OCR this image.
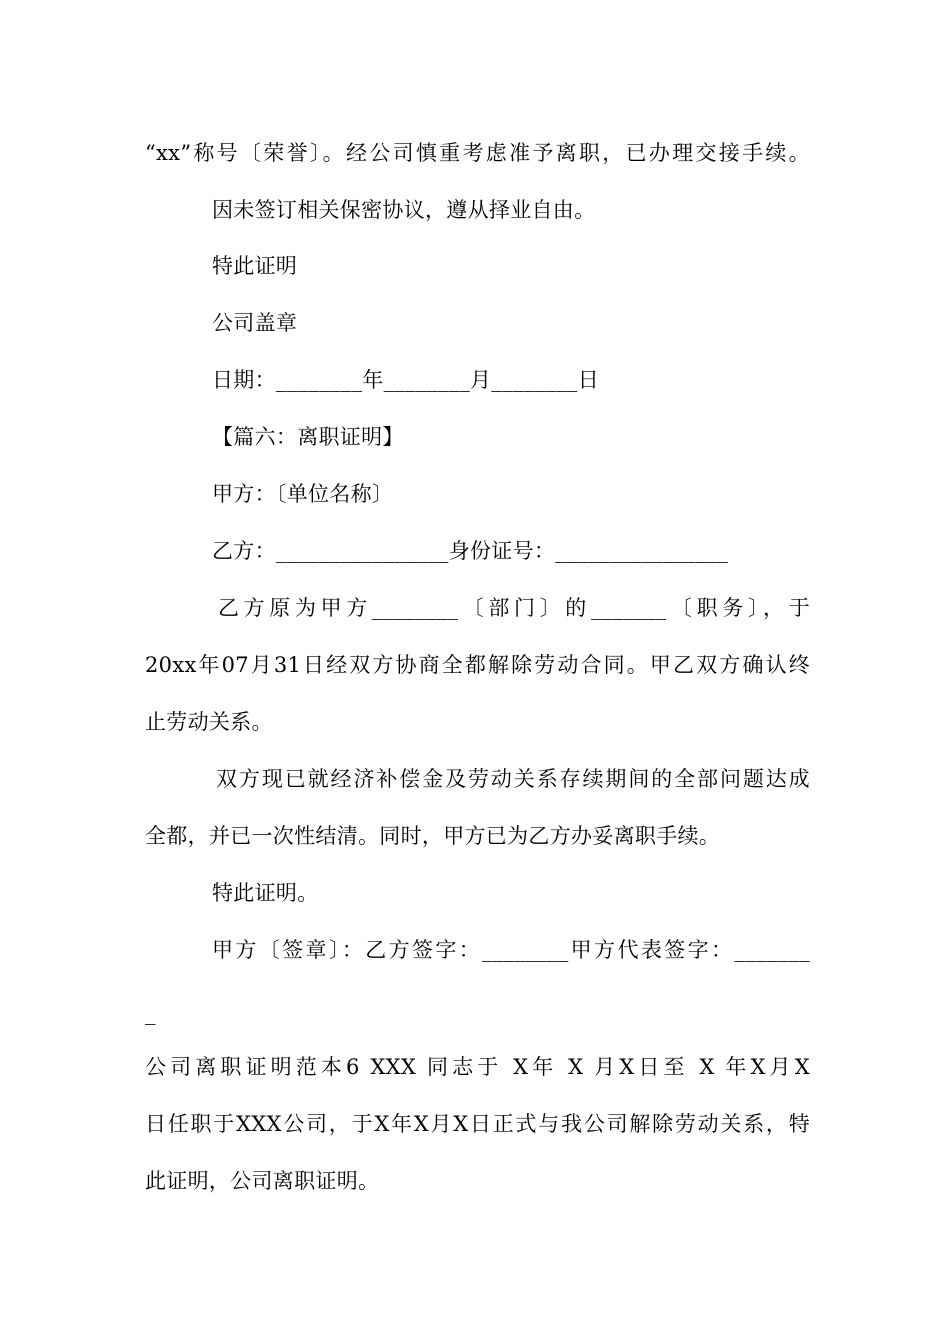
“xx”称号〔荣誉〕。经公司慎重考虑准予离职，已办理交接手续。
因未签订相关保密协议，遵从择业自由。
特此证明
公司盖章
日期：________年________月________日
【篇六：离职证明】
甲方：〔单位名称〕
乙方：________________身份证号：________________
乙方原为甲方________〔部门〕的_______〔职务〕，于
20xx年07月31日经双方协商全都解除劳动合同。甲乙双方确认终
止劳动关系。
双方现已就经济补偿金及劳动关系存续期间的全部问题达成
全都，并已一次性结清。同时，甲方已为乙方办妥离职手续。
特此证明。
甲方〔签章〕：乙方签字：________甲方代表签字：_______
_
公司离职证明范本6 XXX 同志于 X年 X 月X日至 X 年X月X
日任职于XXX公司，于X年X月X日正式与我公司解除劳动关系，特
此证明，公司离职证明。
